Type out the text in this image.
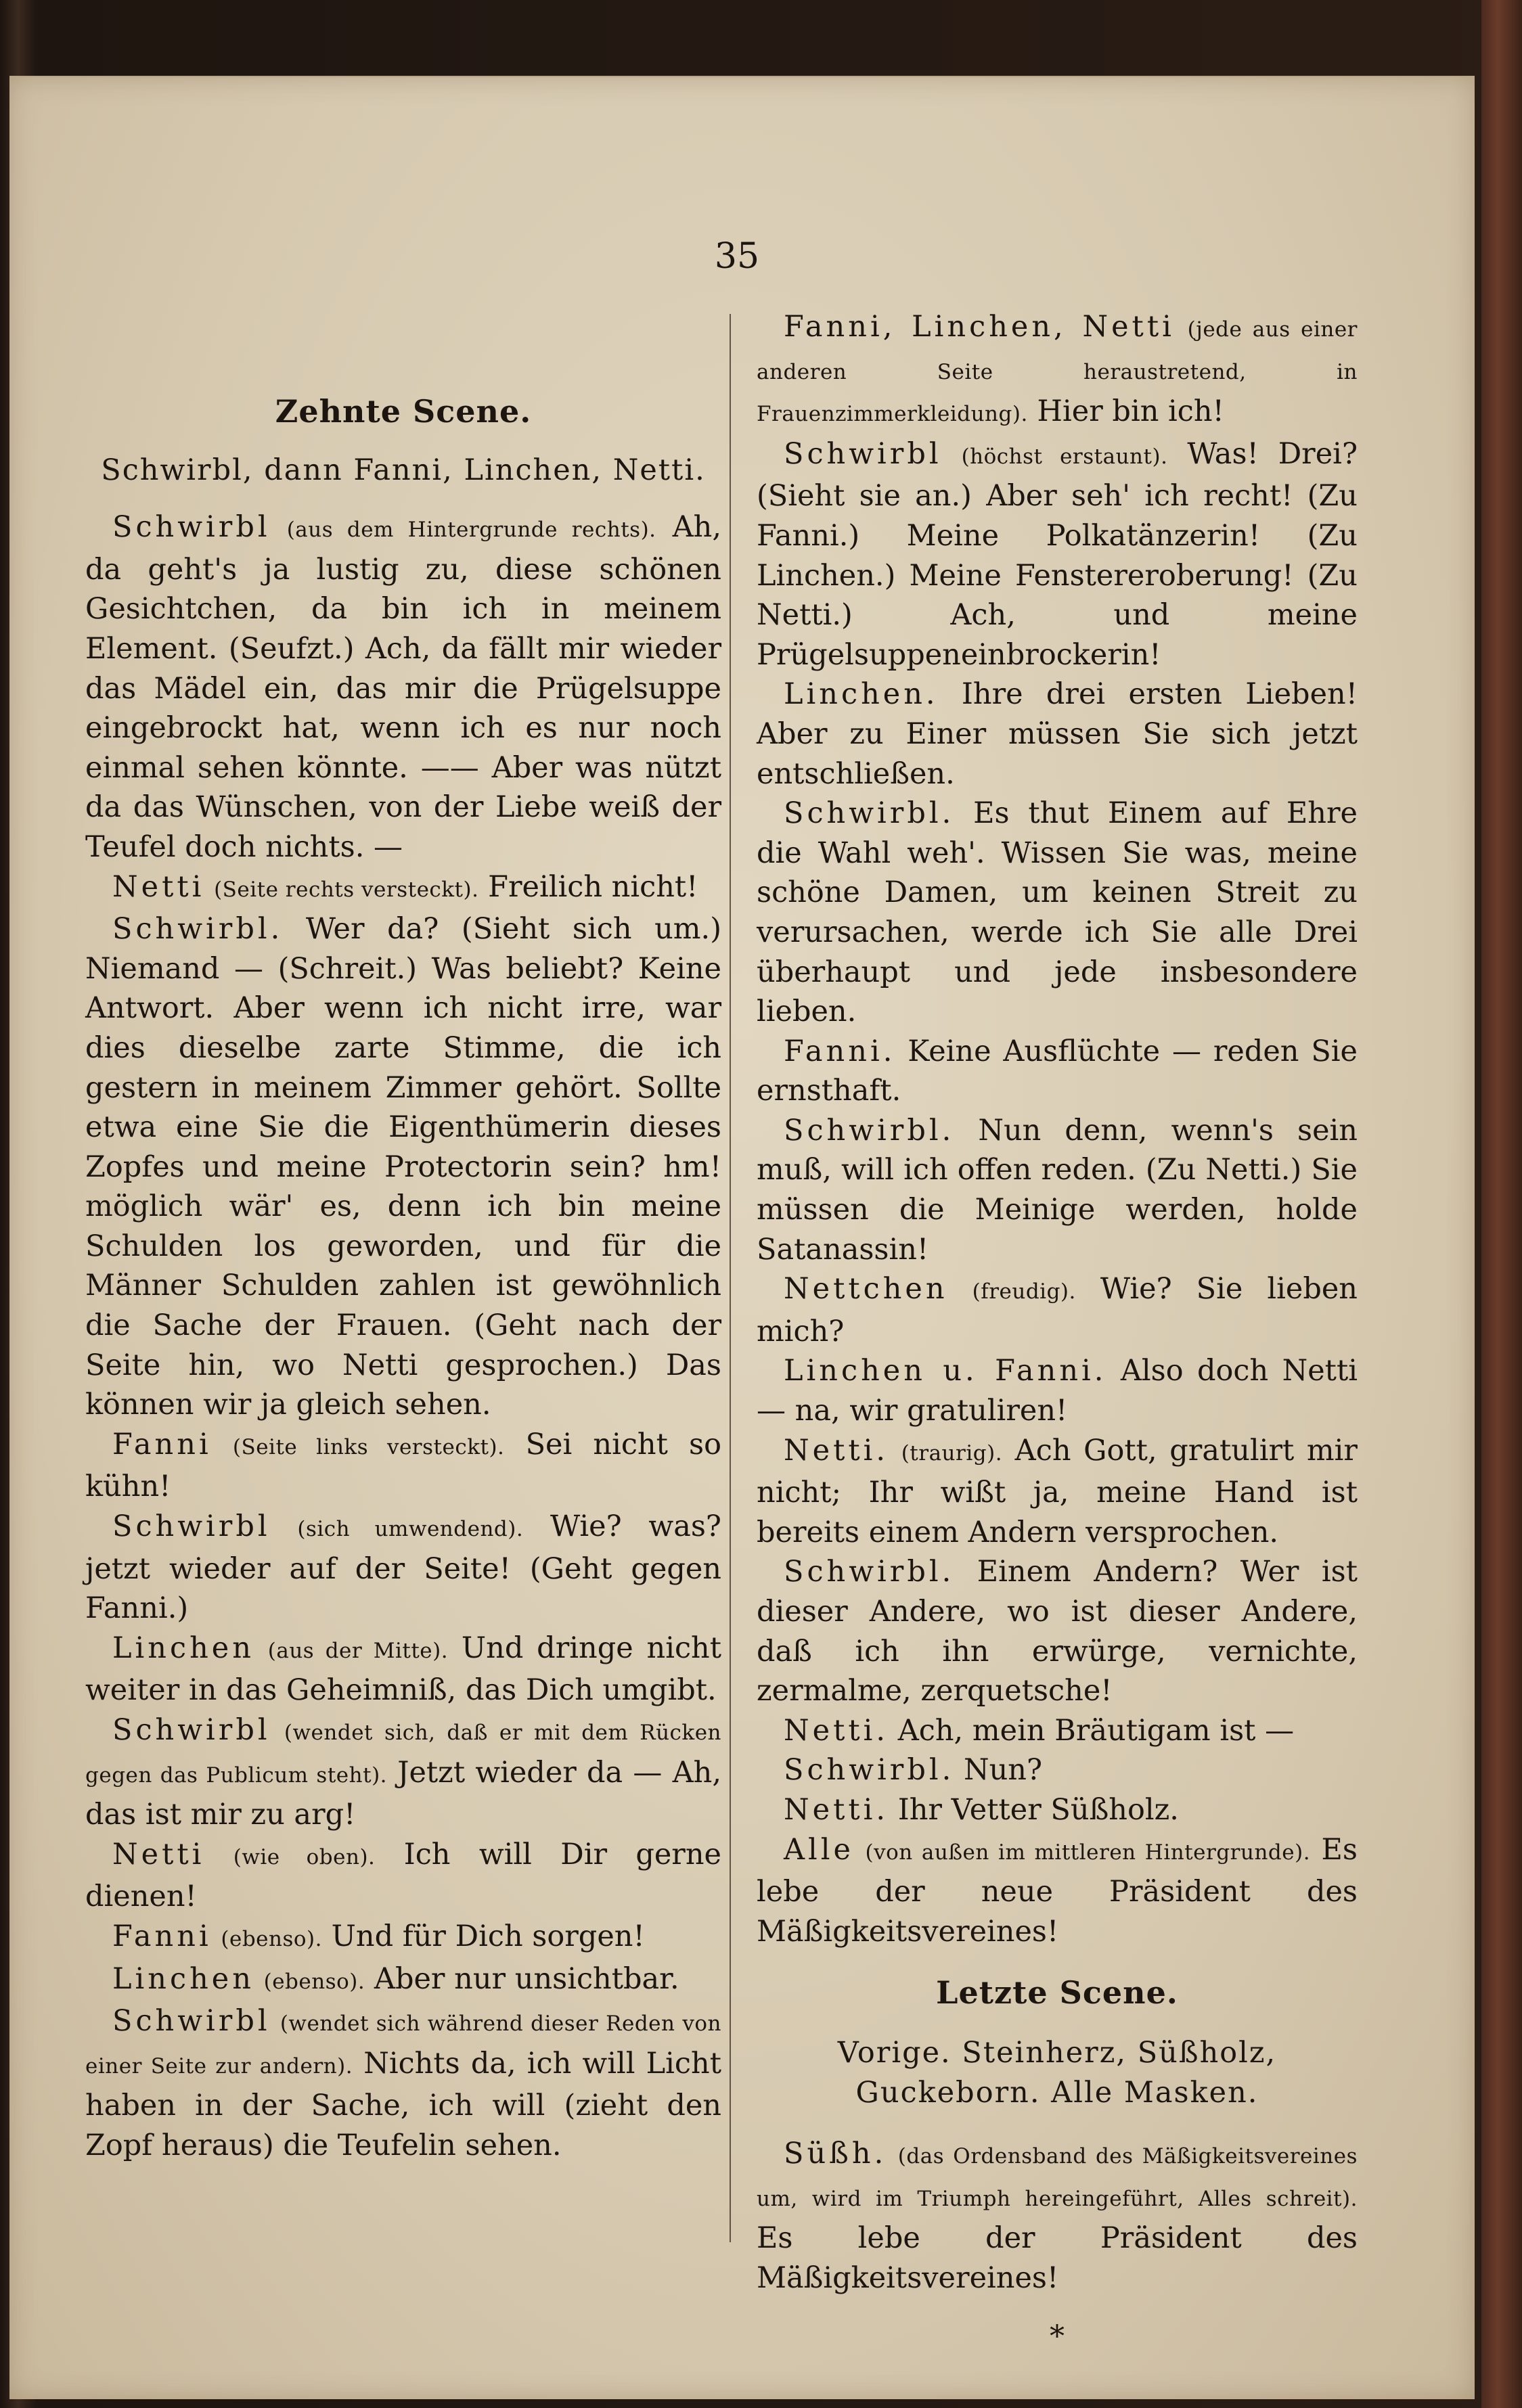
35

Zehnte Scene.

Schwirbl, dann Fanni, Linchen, Netti.

Schwirbl (aus dem Hintergrunde rechts). Ah, da geht's ja lustig zu, diese schönen Gesichtchen, da bin ich in meinem Element. (Seufzt.) Ach, da fällt mir wieder das Mädel ein, das mir die Prügelsuppe eingebrockt hat, wenn ich es nur noch einmal sehen könnte. —— Aber was nützt da das Wünschen, von der Liebe weiß der Teufel doch nichts. —

Netti (Seite rechts versteckt). Freilich nicht!

Schwirbl. Wer da? (Sieht sich um.) Niemand — (Schreit.) Was beliebt? Keine Antwort. Aber wenn ich nicht irre, war dies dieselbe zarte Stimme, die ich gestern in meinem Zimmer gehört. Sollte etwa eine Sie die Eigenthümerin dieses Zopfes und meine Protectorin sein? hm! möglich wär' es, denn ich bin meine Schulden los geworden, und für die Männer Schulden zahlen ist gewöhnlich die Sache der Frauen. (Geht nach der Seite hin, wo Netti gesprochen.) Das können wir ja gleich sehen.

Fanni (Seite links versteckt). Sei nicht so kühn!

Schwirbl (sich umwendend). Wie? was? jetzt wieder auf der Seite! (Geht gegen Fanni.)

Linchen (aus der Mitte). Und dringe nicht weiter in das Geheimniß, das Dich umgibt.

Schwirbl (wendet sich, daß er mit dem Rücken gegen das Publicum steht). Jetzt wieder da — Ah, das ist mir zu arg!

Netti (wie oben). Ich will Dir gerne dienen!

Fanni (ebenso). Und für Dich sorgen!

Linchen (ebenso). Aber nur unsichtbar.

Schwirbl (wendet sich während dieser Reden von einer Seite zur andern). Nichts da, ich will Licht haben in der Sache, ich will (zieht den Zopf heraus) die Teufelin sehen.

Fanni, Linchen, Netti (jede aus einer anderen Seite heraustretend, in Frauenzimmerkleidung). Hier bin ich!

Schwirbl (höchst erstaunt). Was! Drei? (Sieht sie an.) Aber seh' ich recht! (Zu Fanni.) Meine Polkatänzerin! (Zu Linchen.) Meine Fenstereroberung! (Zu Netti.) Ach, und meine Prügelsuppeneinbrockerin!

Linchen. Ihre drei ersten Lieben! Aber zu Einer müssen Sie sich jetzt entschließen.

Schwirbl. Es thut Einem auf Ehre die Wahl weh'. Wissen Sie was, meine schöne Damen, um keinen Streit zu verursachen, werde ich Sie alle Drei überhaupt und jede insbesondere lieben.

Fanni. Keine Ausflüchte — reden Sie ernsthaft.

Schwirbl. Nun denn, wenn's sein muß, will ich offen reden. (Zu Netti.) Sie müssen die Meinige werden, holde Satanassin!

Nettchen (freudig). Wie? Sie lieben mich?

Linchen u. Fanni. Also doch Netti — na, wir gratuliren!

Netti. (traurig). Ach Gott, gratulirt mir nicht; Ihr wißt ja, meine Hand ist bereits einem Andern versprochen.

Schwirbl. Einem Andern? Wer ist dieser Andere, wo ist dieser Andere, daß ich ihn erwürge, vernichte, zermalme, zerquetsche!

Netti. Ach, mein Bräutigam ist —

Schwirbl. Nun?

Netti. Ihr Vetter Süßholz.

Alle (von außen im mittleren Hintergrunde). Es lebe der neue Präsident des Mäßigkeitsvereines!

Letzte Scene.

Vorige. Steinherz, Süßholz, Guckeborn. Alle Masken.

Süßh. (das Ordensband des Mäßigkeitsvereines um, wird im Triumph hereingeführt, Alles schreit). Es lebe der Präsident des Mäßigkeitsvereines!

*
